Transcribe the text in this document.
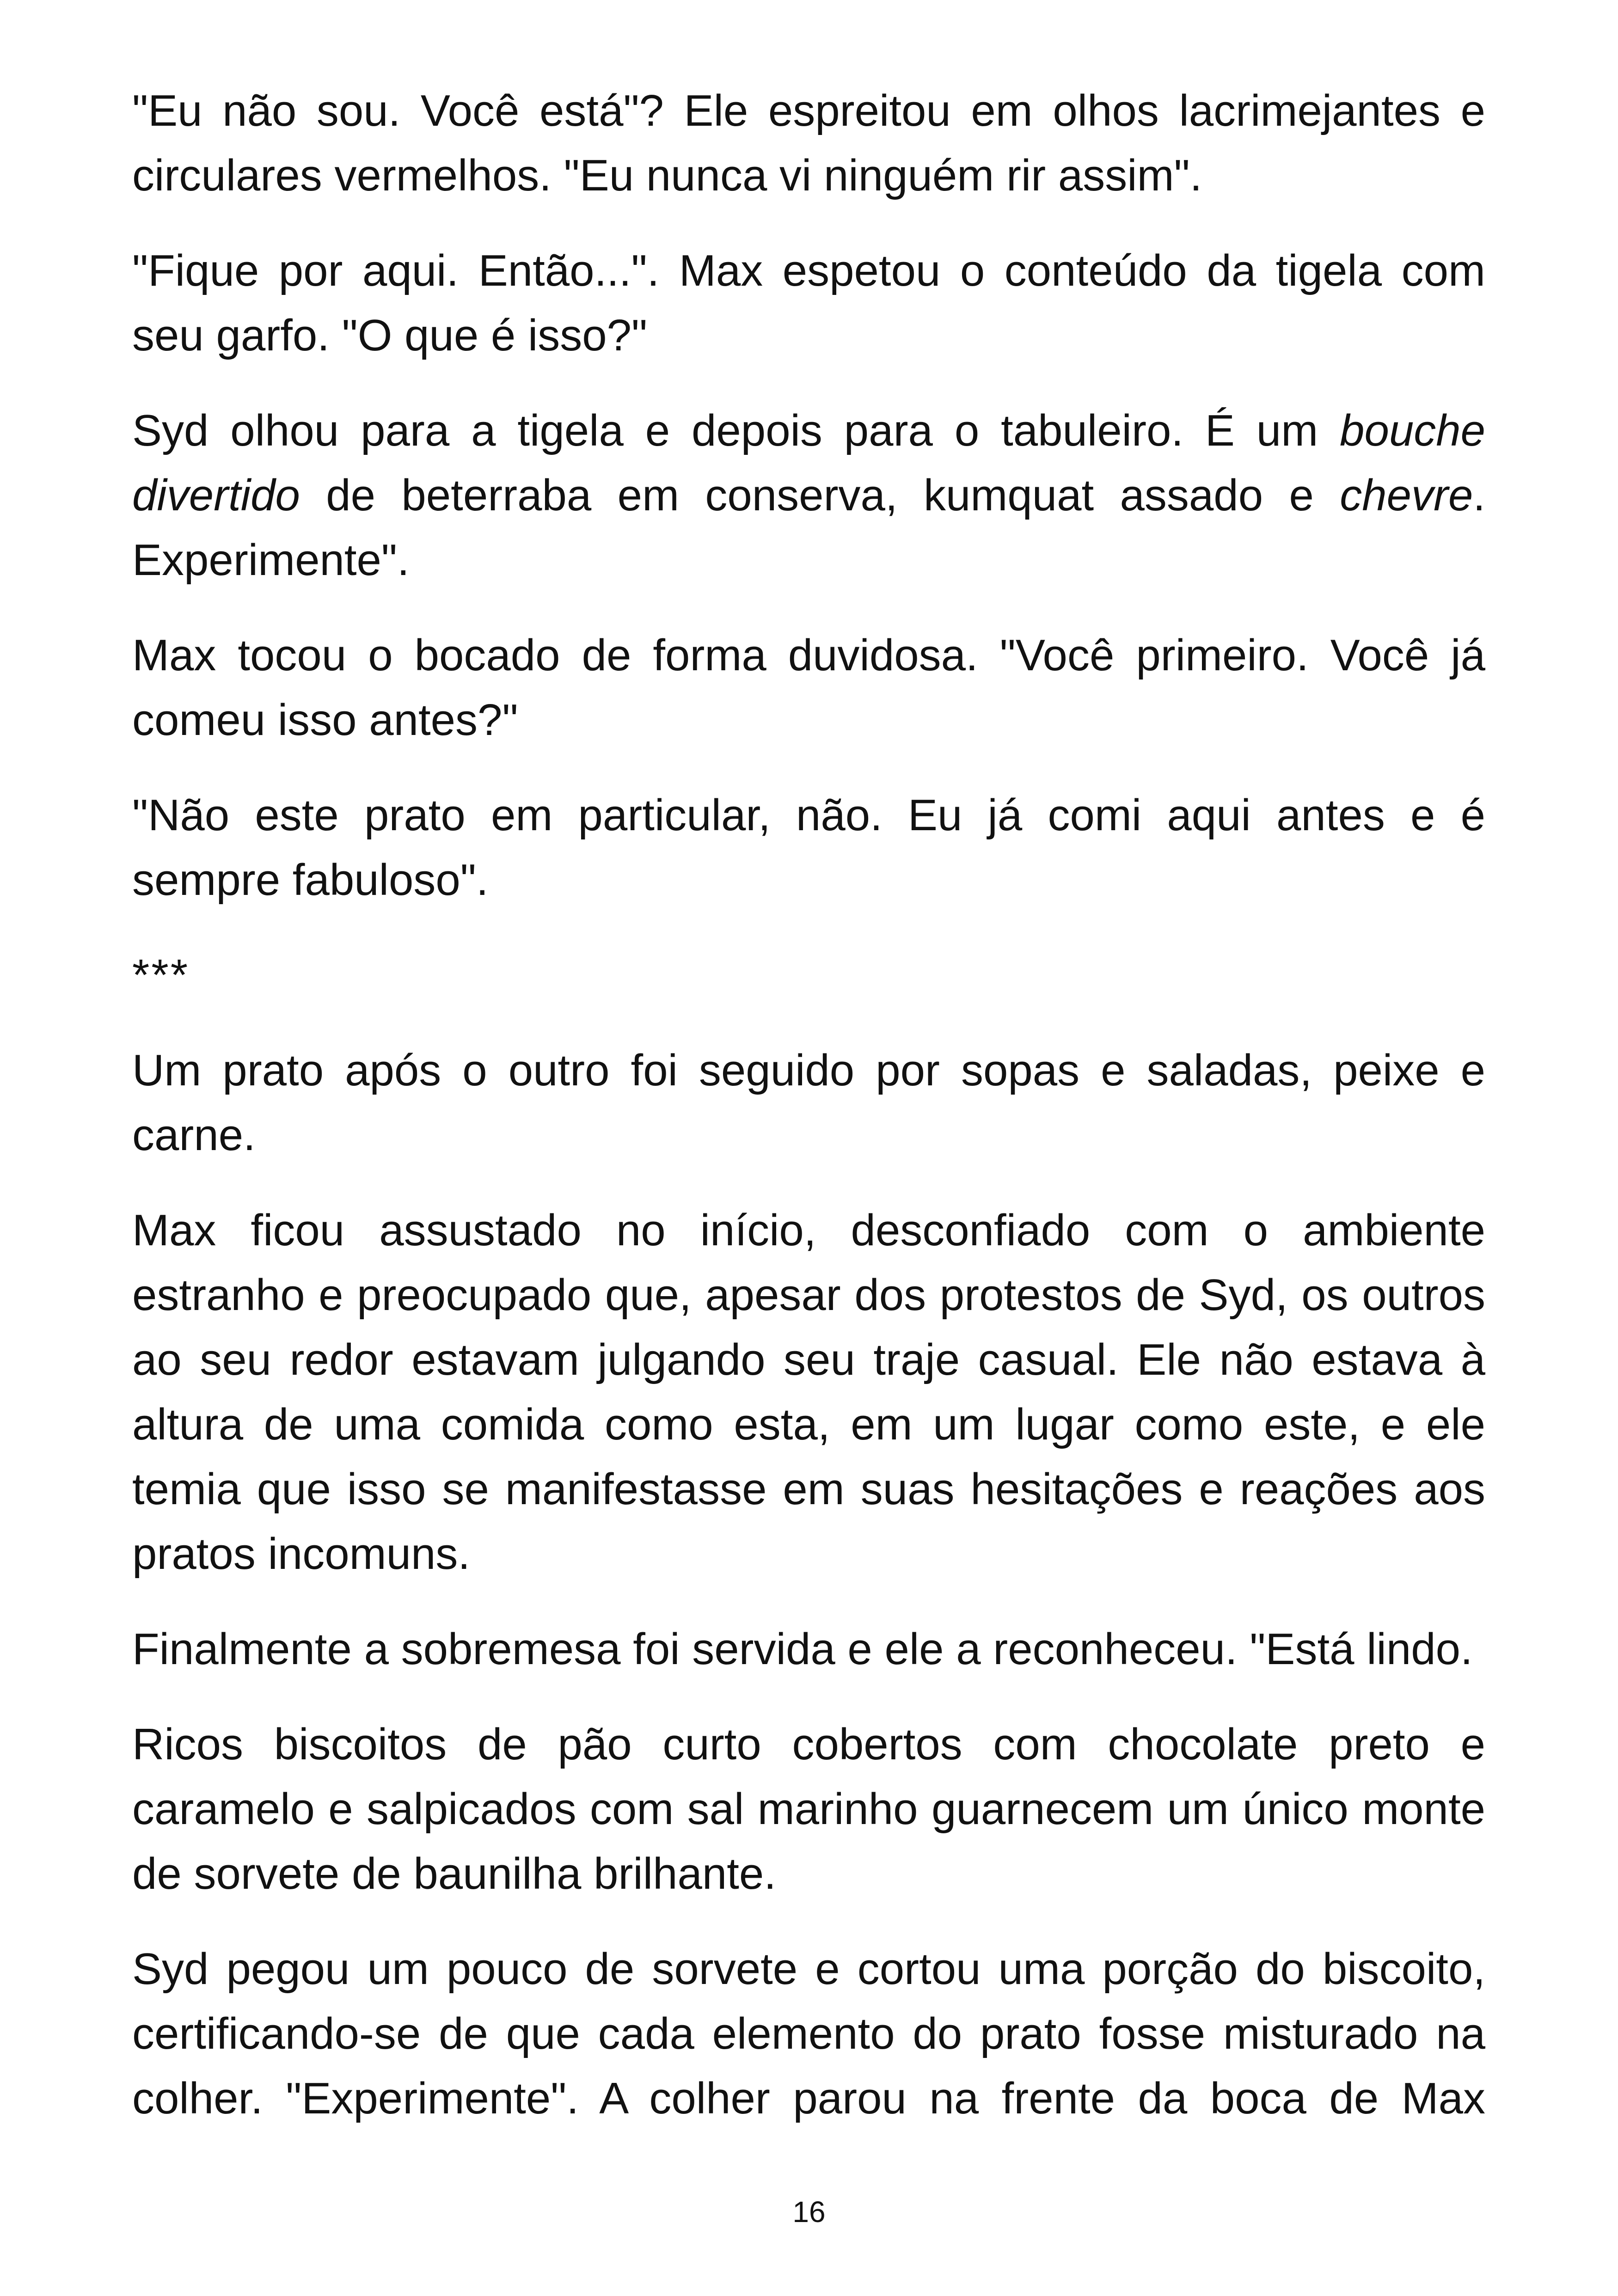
"Eu não sou. Você está"? Ele espreitou em olhos lacrimejantes e circulares vermelhos. "Eu nunca vi ninguém rir assim".

"Fique por aqui. Então...". Max espetou o conteúdo da tigela com seu garfo. "O que é isso?"

Syd olhou para a tigela e depois para o tabuleiro. É um bouche divertido de beterraba em conserva, kumquat assado e chevre. Experimente".

Max tocou o bocado de forma duvidosa. "Você primeiro. Você já comeu isso antes?"

"Não este prato em particular, não. Eu já comi aqui antes e é sempre fabuloso".

***

Um prato após o outro foi seguido por sopas e saladas, peixe e carne.

Max ficou assustado no início, desconfiado com o ambiente estranho e preocupado que, apesar dos protestos de Syd, os outros ao seu redor estavam julgando seu traje casual. Ele não estava à altura de uma comida como esta, em um lugar como este, e ele temia que isso se manifestasse em suas hesitações e reações aos pratos incomuns.

Finalmente a sobremesa foi servida e ele a reconheceu. "Está lindo.

Ricos biscoitos de pão curto cobertos com chocolate preto e caramelo e salpicados com sal marinho guarnecem um único monte de sorvete de baunilha brilhante.

Syd pegou um pouco de sorvete e cortou uma porção do biscoito, certificando-se de que cada elemento do prato fosse misturado na colher. "Experimente". A colher parou na frente da boca de Max

16
